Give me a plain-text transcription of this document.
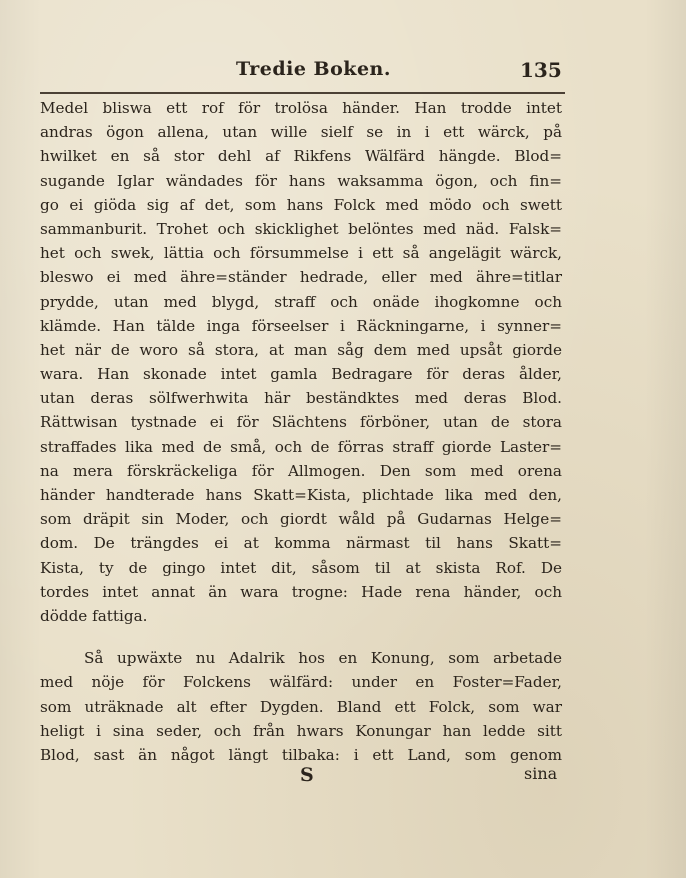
Tredie Boken.	135
Medel bliswa ett rof för trolösa händer. Han trodde intet
andras ögon allena, utan wille sielf se in i ett wärck, på
hwilket en så stor dehl af Rikfens Wälfärd hängde. Blod=
sugande Iglar wändades för hans waksamma ögon, och fin=
go ei giöda sig af det, som hans Folck med mödo och swett
sammanburit. Trohet och skicklighet belöntes med näd. Falsk=
het och swek, lättia och försummelse i ett så angelägit wärck,
bleswo ei med ähre=ständer hedrade, eller med ähre=titlar
prydde, utan med blygd, straff och onäde ihogkomne och
klämde. Han tälde inga förseelser i Räckningarne, i synner=
het när de woro så stora, at man såg dem med upsåt giorde
wara. Han skonade intet gamla Bedragare för deras ålder,
utan deras sölfwerhwita här beständktes med deras Blod.
Rättwisan tystnade ei för Slächtens förböner, utan de stora
straffades lika med de små, och de förras straff giorde Laster=
na mera förskräckeliga för Allmogen. Den som med orena
händer handterade hans Skatt=Kista, plichtade lika med den,
som dräpit sin Moder, och giordt wåld på Gudarnas Helge=
dom. De trängdes ei at komma närmast til hans Skatt=
Kista, ty de gingo intet dit, såsom til at skista Rof. De
tordes intet annat än wara trogne: Hade rena händer, och
dödde fattiga.
Så upwäxte nu Adalrik hos en Konung, som arbetade
med nöje för Folckens wälfärd: under en Foster=Fader,
som uträknade alt efter Dygden. Bland ett Folck, som war
heligt i sina seder, och från hwars Konungar han ledde sitt
Blod, sast än något längt tilbaka: i ett Land, som genom
S	sina
